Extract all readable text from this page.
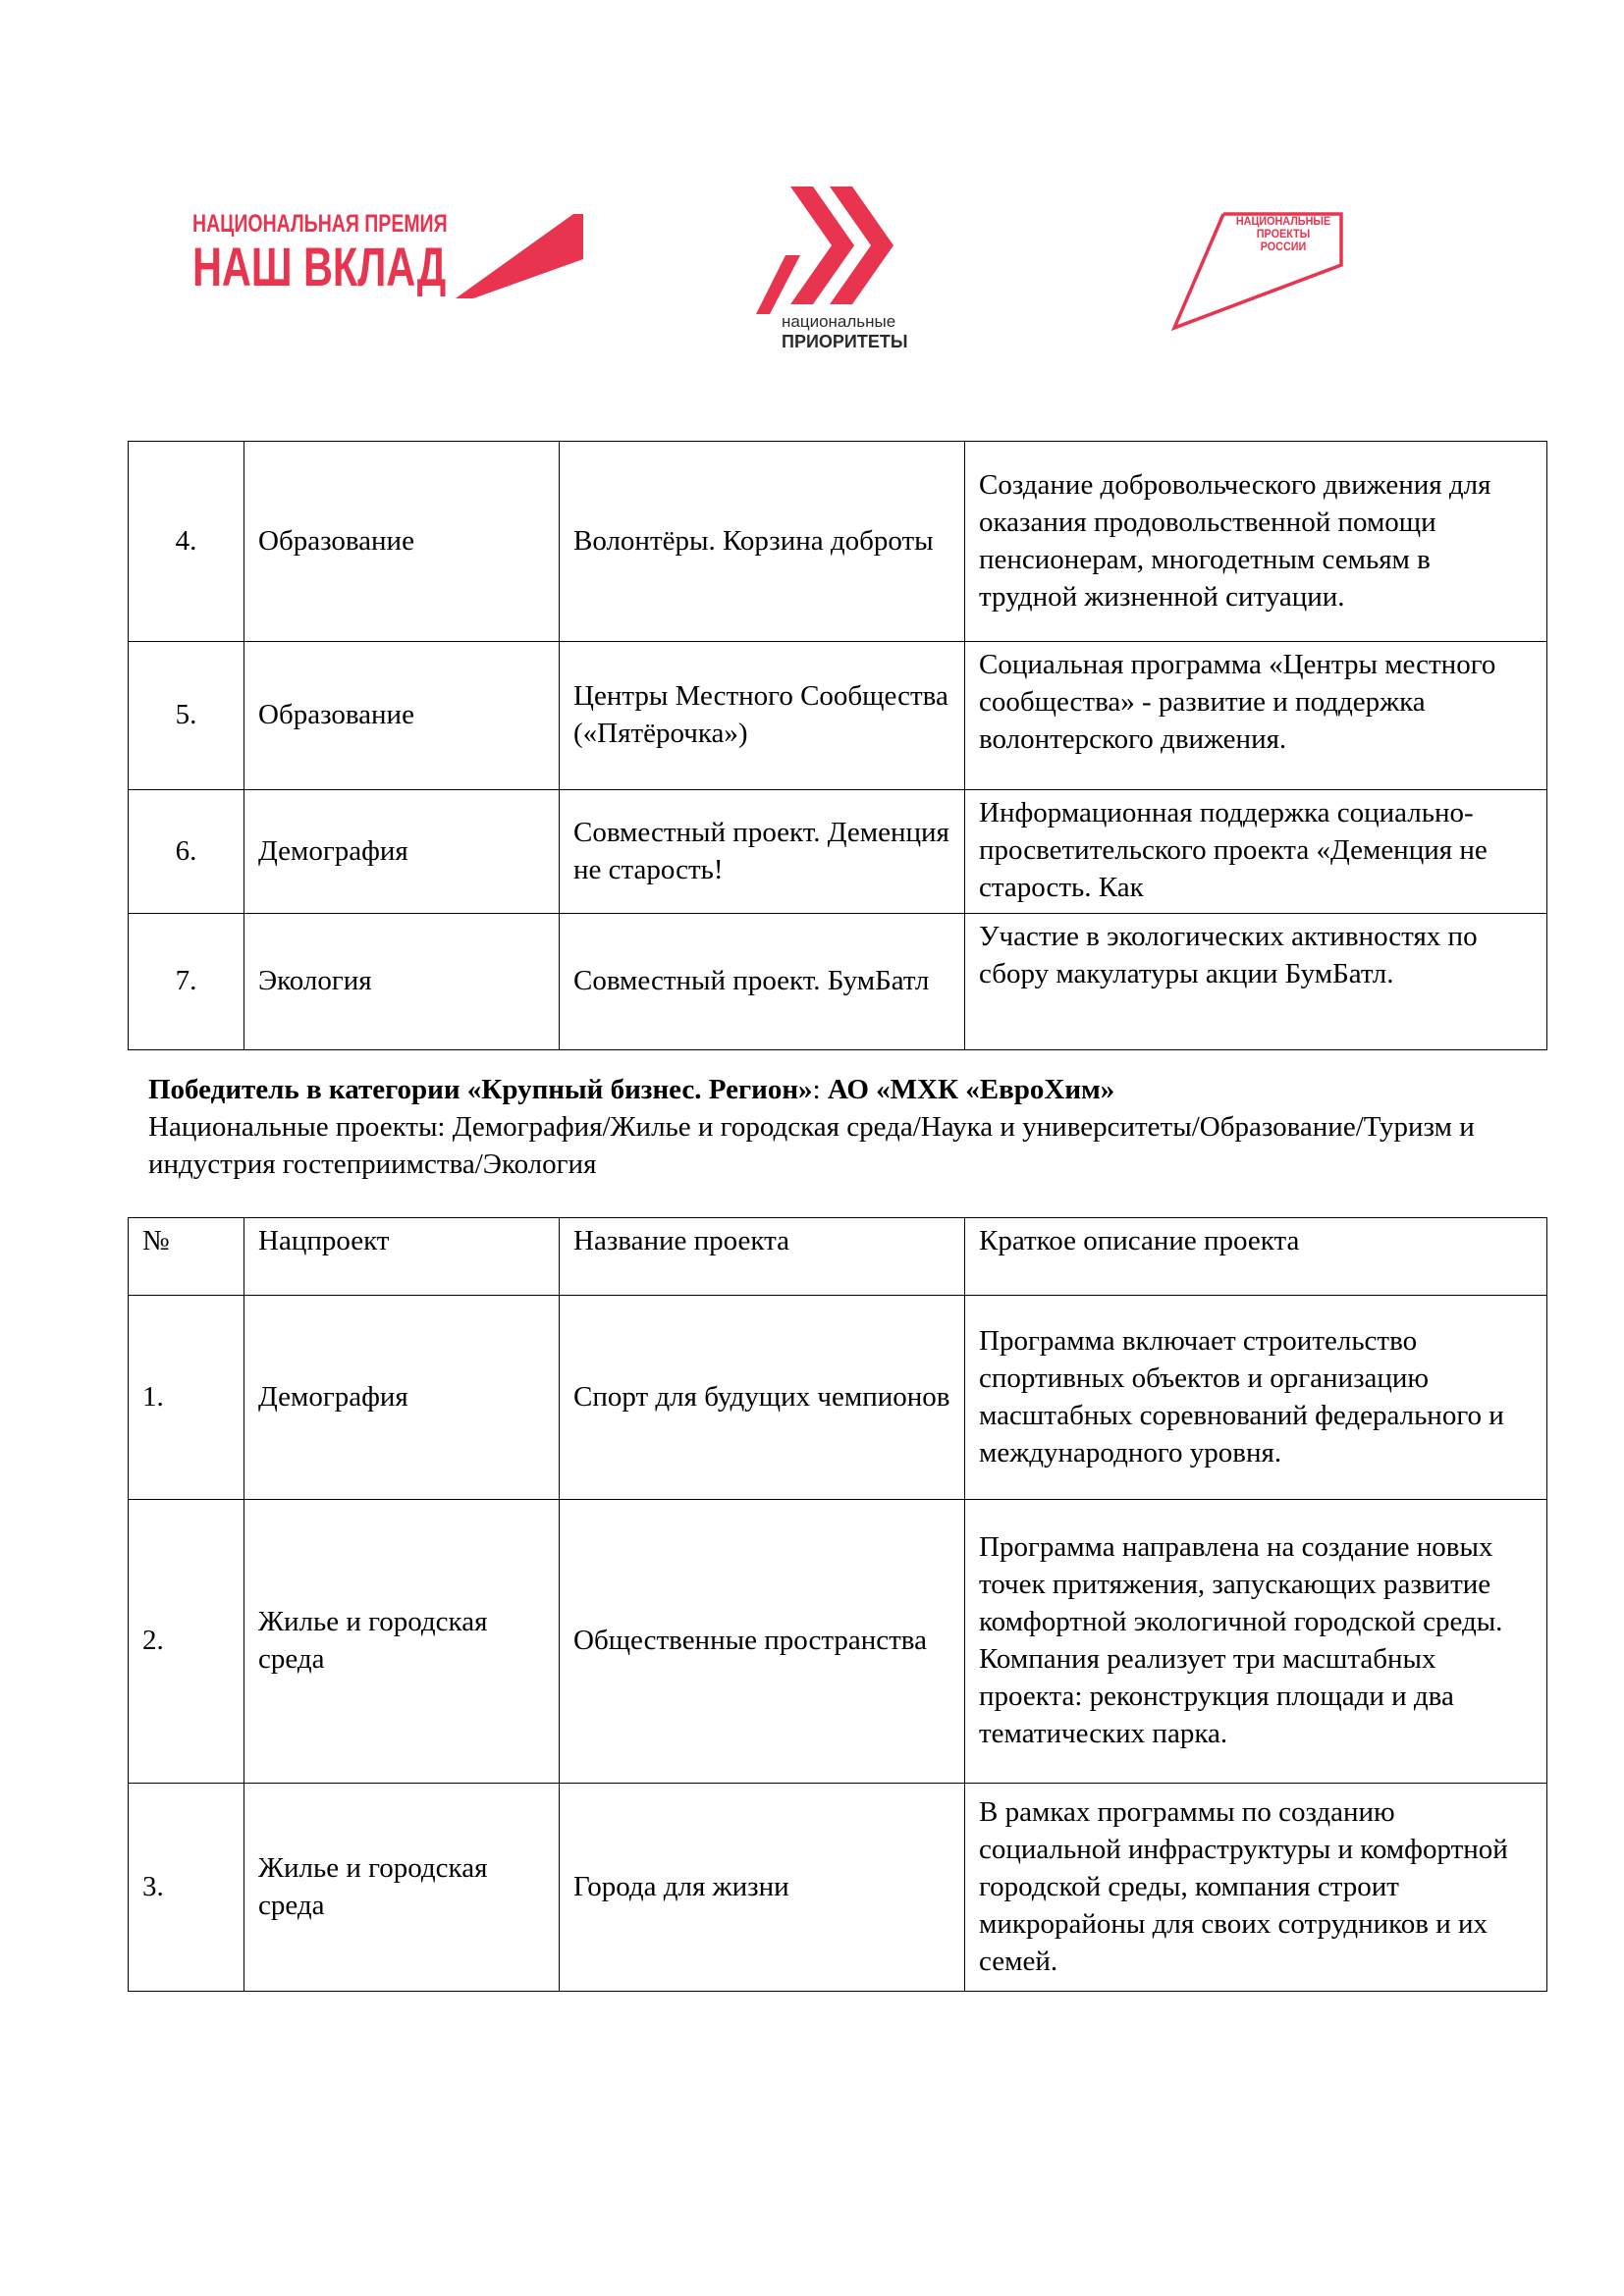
НАЦИОНАЛЬНАЯ ПРЕМИЯ
НАШ ВКЛАД
национальные
ПРИОРИТЕТЫ
НАЦИОНАЛЬНЫЕ
ПРОЕКТЫ
РОССИИ
4.	Образование	Волонтёры. Корзина доброты	Создание добровольческого движения для оказания продовольственной помощи пенсионерам, многодетным семьям в трудной жизненной ситуации.
5.	Образование	Центры Местного Сообщества («Пятёрочка»)	Социальная программа «Центры местного сообщества» - развитие и поддержка волонтерского движения.
6.	Демография	Совместный проект. Деменция не старость!	Информационная поддержка социально-просветительского проекта «Деменция не старость. Как
7.	Экология	Совместный проект. БумБатл	Участие в экологических активностях по сбору макулатуры акции БумБатл.
Победитель в категории «Крупный бизнес. Регион»: АО «МХК «ЕвроХим»
Национальные проекты: Демография/Жилье и городская среда/Наука и университеты/Образование/Туризм и индустрия гостеприимства/Экология
№	Нацпроект	Название проекта	Краткое описание проекта
1.	Демография	Спорт для будущих чемпионов	Программа включает строительство спортивных объектов и организацию масштабных соревнований федерального и международного уровня.
2.	Жилье и городская среда	Общественные пространства	Программа направлена на создание новых точек притяжения, запускающих развитие комфортной экологичной городской среды. Компания реализует три масштабных проекта: реконструкция площади и два тематических парка.
3.	Жилье и городская среда	Города для жизни	В рамках программы по созданию социальной инфраструктуры и комфортной городской среды, компания строит микрорайоны для своих сотрудников и их семей.
